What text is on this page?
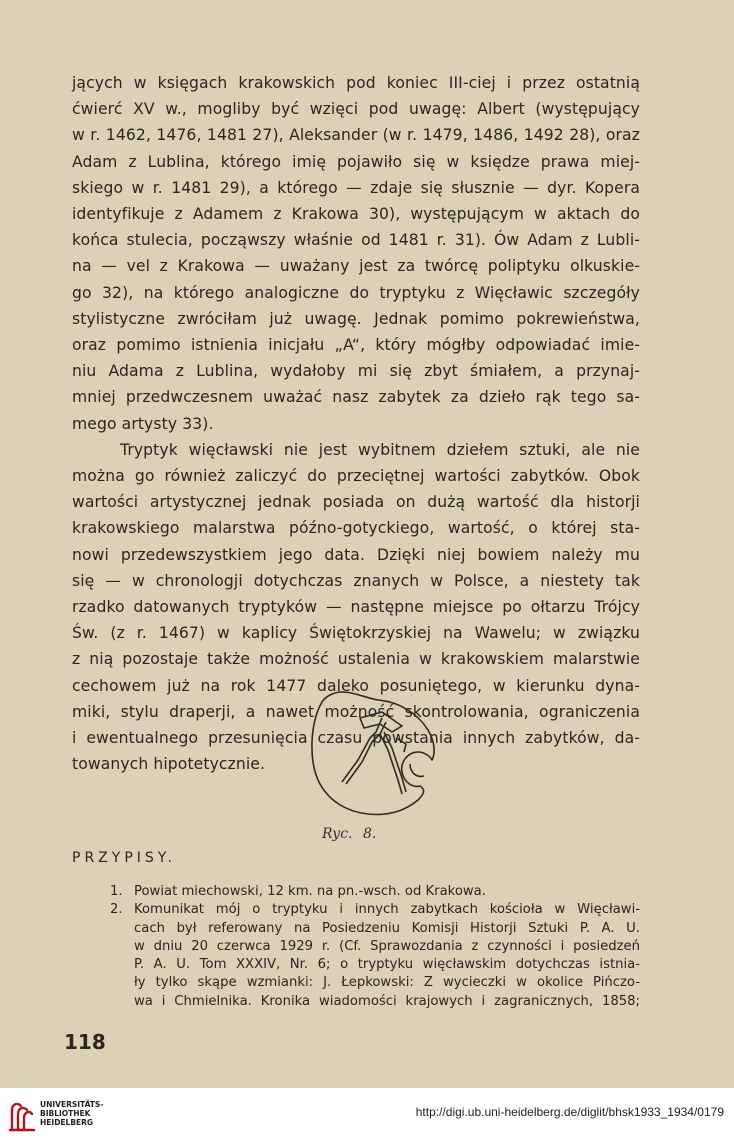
jących w księgach krakowskich pod koniec III-ciej i przez ostatnią
ćwierć XV w., mogliby być wzięci pod uwagę: Albert (występujący
w r. 1462, 1476, 1481 27), Aleksander (w r. 1479, 1486, 1492 28), oraz
Adam z Lublina, którego imię pojawiło się w księdze prawa miej-
skiego w r. 1481 29), a którego — zdaje się słusznie — dyr. Kopera
identyfikuje z Adamem z Krakowa 30), występującym w aktach do
końca stulecia, począwszy właśnie od 1481 r. 31). Ów Adam z Lubli-
na — vel z Krakowa — uważany jest za twórcę poliptyku olkuskie-
go 32), na którego analogiczne do tryptyku z Więcławic szczegóły
stylistyczne zwróciłam już uwagę. Jednak pomimo pokrewieństwa,
oraz pomimo istnienia inicjału „A“, który mógłby odpowiadać imie-
niu Adama z Lublina, wydałoby mi się zbyt śmiałem, a przynaj-
mniej przedwczesnem uważać nasz zabytek za dzieło rąk tego sa-
mego artysty 33).
Tryptyk więcławski nie jest wybitnem dziełem sztuki, ale nie
można go również zaliczyć do przeciętnej wartości zabytków. Obok
wartości artystycznej jednak posiada on dużą wartość dla historji
krakowskiego malarstwa późno-gotyckiego, wartość, o której sta-
nowi przedewszystkiem jego data. Dzięki niej bowiem należy mu
się — w chronologji dotychczas znanych w Polsce, a niestety tak
rzadko datowanych tryptyków — następne miejsce po ołtarzu Trójcy
Św. (z r. 1467) w kaplicy Świętokrzyskiej na Wawelu; w związku
z nią pozostaje także możność ustalenia w krakowskiem malarstwie
cechowem już na rok 1477 daleko posuniętego, w kierunku dyna-
miki, stylu draperji, a nawet możność skontrolowania, ograniczenia
i ewentualnego przesunięcia czasu powstania innych zabytków, da-
towanych hipotetycznie.
Ryc. 8.
PRZYPISY.
1. Powiat miechowski, 12 km. na pn.-wsch. od Krakowa.
2. Komunikat mój o tryptyku i innych zabytkach kościoła w Więcławi-
cach był referowany na Posiedzeniu Komisji Historji Sztuki P. A. U.
w dniu 20 czerwca 1929 r. (Cf. Sprawozdania z czynności i posiedzeń
P. A. U. Tom XXXIV, Nr. 6; o tryptyku więcławskim dotychczas istnia-
ły tylko skąpe wzmianki: J. Łepkowski: Z wycieczki w okolice Pińczo-
wa i Chmielnika. Kronika wiadomości krajowych i zagranicznych, 1858;
118
UNIVERSITÄTS-
BIBLIOTHEK
HEIDELBERG
http://digi.ub.uni-heidelberg.de/diglit/bhsk1933_1934/0179
